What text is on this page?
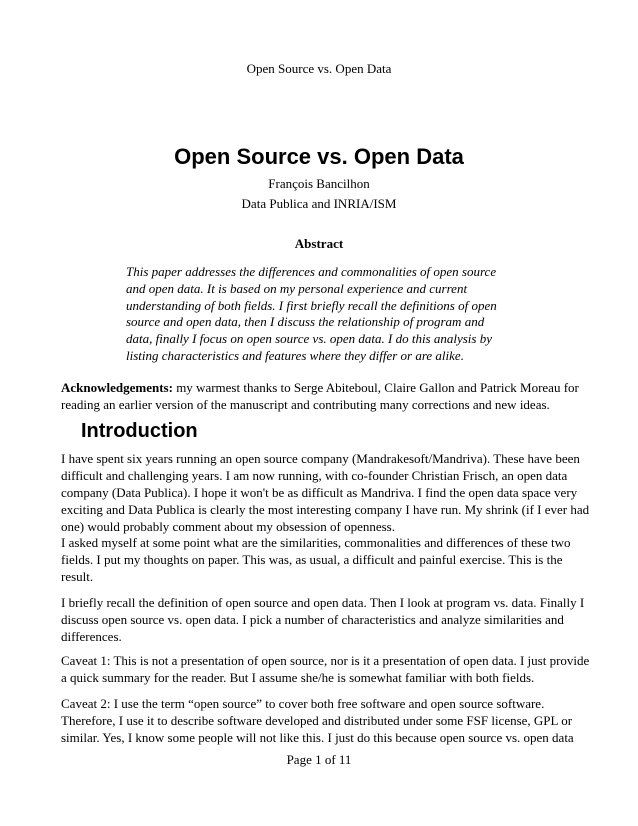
Open Source vs. Open Data
Open Source vs. Open Data
François Bancilhon
Data Publica and INRIA/ISM
Abstract
This paper addresses the differences and commonalities of open source
and open data. It is based on my personal experience and current
understanding of both fields. I first briefly recall the definitions of open
source and open data, then I discuss the relationship of program and
data, finally I focus on open source vs. open data. I do this analysis by
listing characteristics and features where they differ or are alike.
Acknowledgements: my warmest thanks to Serge Abiteboul, Claire Gallon and Patrick Moreau for
reading an earlier version of the manuscript and contributing many corrections and new ideas.
Introduction
I have spent six years running an open source company (Mandrakesoft/Mandriva). These have been
difficult and challenging years. I am now running, with co-founder Christian Frisch, an open data
company (Data Publica). I hope it won't be as difficult as Mandriva. I find the open data space very
exciting and Data Publica is clearly the most interesting company I have run. My shrink (if I ever had
one) would probably comment about my obsession of openness.
I asked myself at some point what are the similarities, commonalities and differences of these two
fields. I put my thoughts on paper. This was, as usual, a difficult and painful exercise. This is the
result.
I briefly recall the definition of open source and open data. Then I look at program vs. data. Finally I
discuss open source vs. open data. I pick a number of characteristics and analyze similarities and
differences.
Caveat 1: This is not a presentation of open source, nor is it a presentation of open data. I just provide
a quick summary for the reader. But I assume she/he is somewhat familiar with both fields.
Caveat 2: I use the term “open source” to cover both free software and open source software.
Therefore, I use it to describe software developed and distributed under some FSF license, GPL or
similar. Yes, I know some people will not like this. I just do this because open source vs. open data
Page 1 of 11
